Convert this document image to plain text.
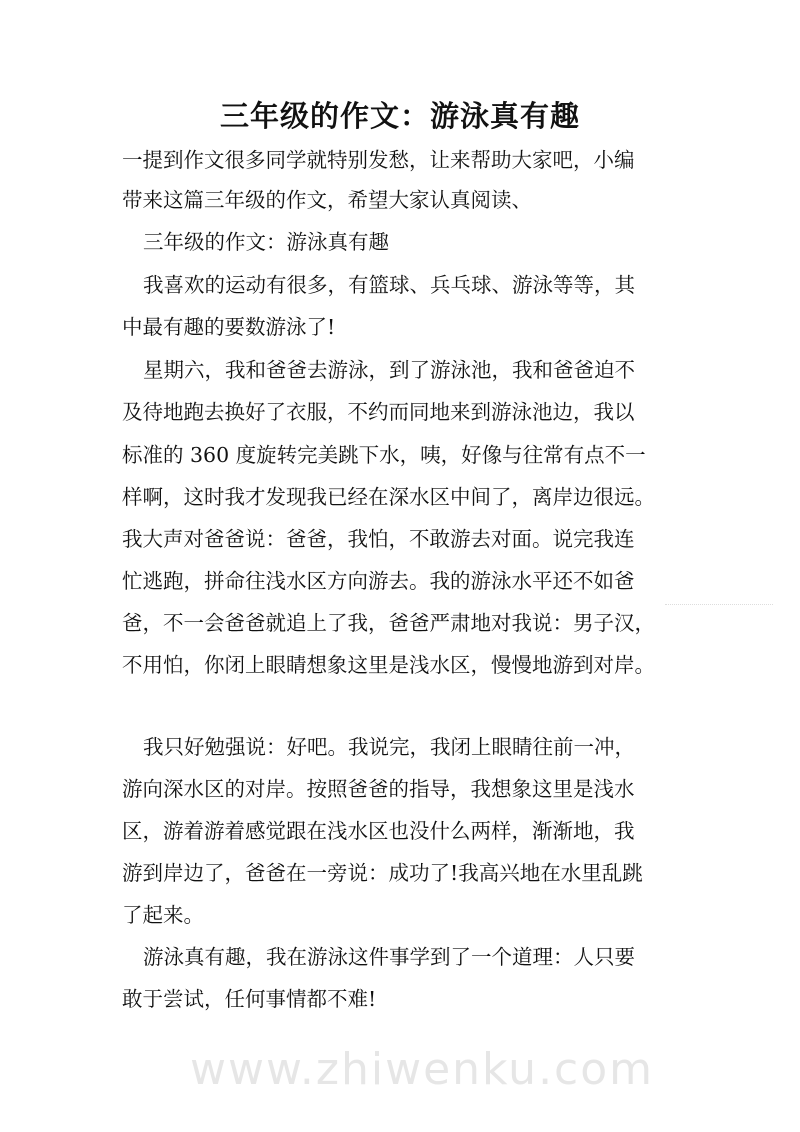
www.zhiwenku.com
三年级的作文：游泳真有趣
一提到作文很多同学就特别发愁，让来帮助大家吧，小编
带来这篇三年级的作文，希望大家认真阅读、
三年级的作文：游泳真有趣
我喜欢的运动有很多，有篮球、兵乓球、游泳等等，其
中最有趣的要数游泳了!
星期六，我和爸爸去游泳，到了游泳池，我和爸爸迫不
及待地跑去换好了衣服，不约而同地来到游泳池边，我以
标准的 360 度旋转完美跳下水，咦，好像与往常有点不一
样啊，这时我才发现我已经在深水区中间了，离岸边很远。
我大声对爸爸说：爸爸，我怕，不敢游去对面。说完我连
忙逃跑，拼命往浅水区方向游去。我的游泳水平还不如爸
爸，不一会爸爸就追上了我，爸爸严肃地对我说：男子汉，
不用怕，你闭上眼睛想象这里是浅水区，慢慢地游到对岸。
我只好勉强说：好吧。我说完，我闭上眼睛往前一冲，
游向深水区的对岸。按照爸爸的指导，我想象这里是浅水
区，游着游着感觉跟在浅水区也没什么两样，渐渐地，我
游到岸边了，爸爸在一旁说：成功了!我高兴地在水里乱跳
了起来。
游泳真有趣，我在游泳这件事学到了一个道理：人只要
敢于尝试，任何事情都不难!
